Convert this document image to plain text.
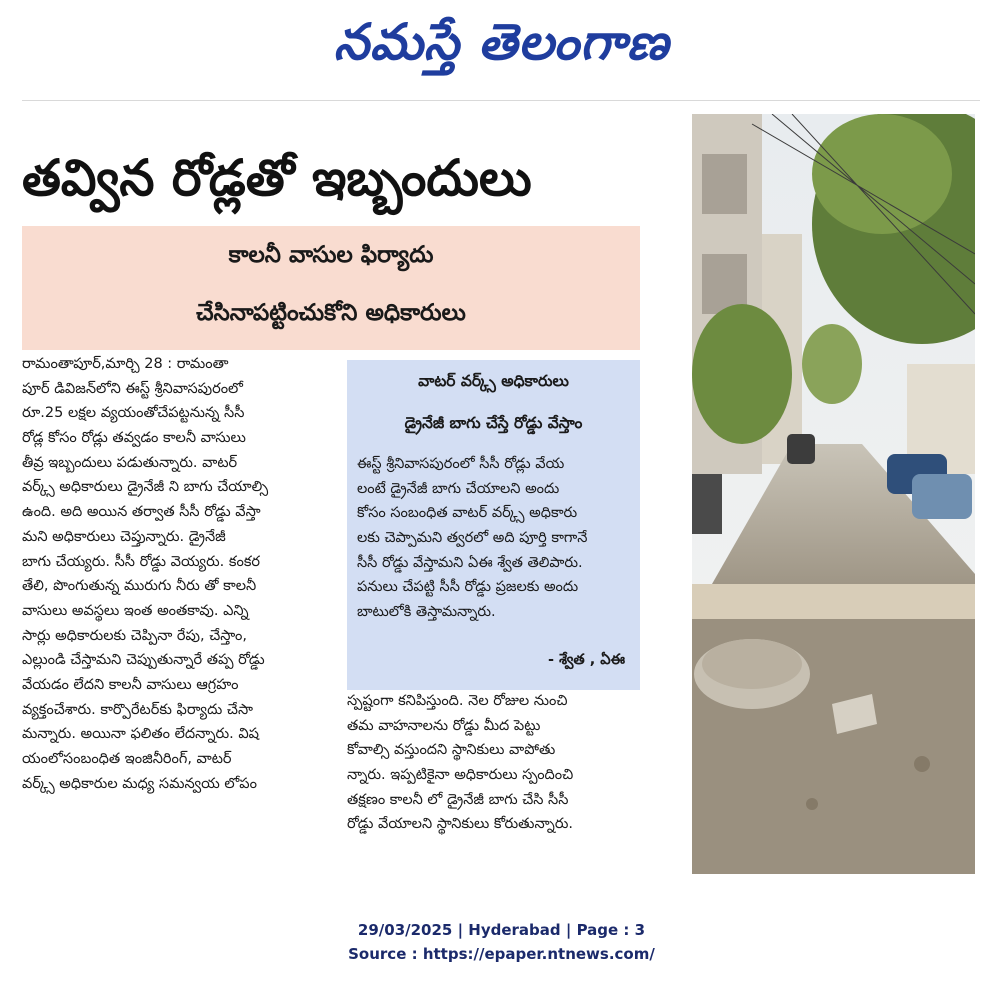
నమస్తే తెలంగాణ
తవ్విన రోడ్లతో ఇబ్బందులు
కాలనీ వాసుల ఫిర్యాదు
చేసినాపట్టించుకోని అధికారులు
రామంతాపూర్,మార్చి 28 : రామంతా
పూర్ డివిజన్‌లోని ఈస్ట్ శ్రీనివాసపురంలో
రూ.25 లక్షల వ్యయంతోచేపట్టనున్న సీసీ
రోడ్ల కోసం రోడ్లు తవ్వడం కాలనీ వాసులు
తీవ్ర ఇబ్బందులు పడుతున్నారు. వాటర్
వర్క్స్ అధికారులు డ్రైనేజీ ని బాగు చేయాల్సి
ఉంది. అది అయిన తర్వాత సీసీ రోడ్డు వేస్తా
మని అధికారులు చెప్తున్నారు. డ్రైనేజీ
బాగు చేయ్యరు. సీసీ రోడ్డు వెయ్యరు. కంకర
తేలి, పొంగుతున్న మురుగు నీరు తో కాలనీ
వాసులు అవస్థలు ఇంత అంతకావు. ఎన్ని
సార్లు అధికారులకు చెప్పినా రేపు, చేస్తాం,
ఎల్లుండి చేస్తామని చెప్పుతున్నారే తప్ప రోడ్డు
వేయడం లేదని కాలనీ వాసులు ఆగ్రహం
వ్యక్తంచేశారు. కార్పొరేటర్‌కు ఫిర్యాదు చేసా
మన్నారు. అయినా ఫలితం లేదన్నారు. విష
యంలోసంబంధిత ఇంజినీరింగ్, వాటర్
వర్క్స్ అధికారుల మధ్య సమన్వయ లోపం
వాటర్ వర్క్స్ అధికారులు
డ్రైనేజీ బాగు చేస్తే రోడ్డు వేస్తాం
ఈస్ట్ శ్రీనివాసపురంలో సీసీ రోడ్లు వేయ
లంటే డ్రైనేజీ బాగు చేయాలని అందు
కోసం సంబంధిత వాటర్ వర్క్స్ అధికారు
లకు చెప్పామని త్వరలో అది పూర్తి కాగానే
సీసీ రోడ్డు వేస్తామని ఏఈ శ్వేత తెలిపారు.
పనులు చేపట్టి సీసీ రోడ్డు ప్రజలకు అందు
బాటులోకి తెస్తామన్నారు.
- శ్వేత , ఏఈ
స్పష్టంగా కనిపిస్తుంది. నెల రోజుల నుంచి
తమ వాహనాలను రోడ్డు మీద పెట్టు
కోవాల్సి వస్తుందని స్థానికులు వాపోతు
న్నారు. ఇప్పటికైనా అధికారులు స్పందించి
తక్షణం కాలనీ లో డ్రైనేజీ బాగు చేసి సీసీ
రోడ్డు వేయాలని స్థానికులు కోరుతున్నారు.
29/03/2025 | Hyderabad | Page : 3
Source : https://epaper.ntnews.com/
